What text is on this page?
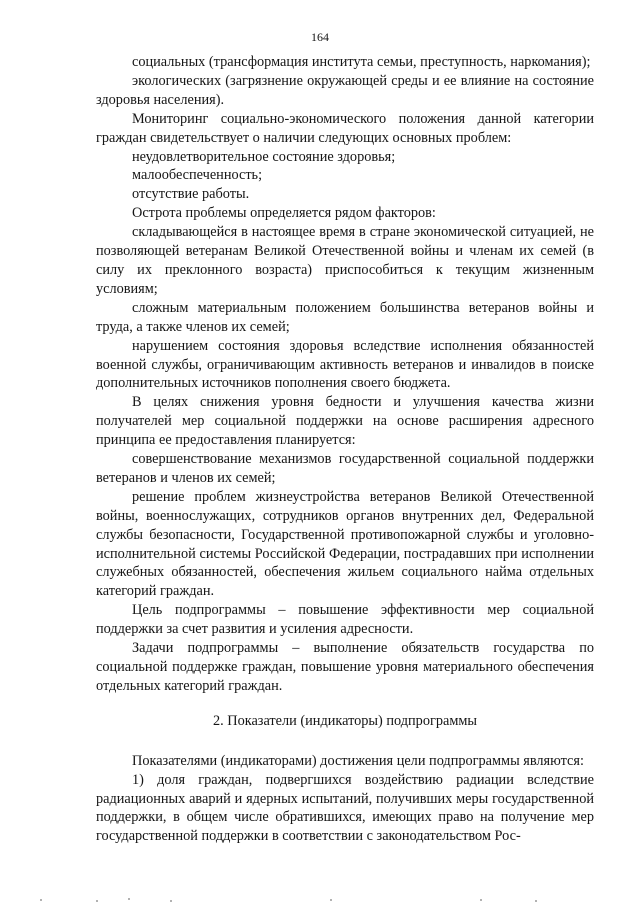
164

социальных (трансформация института семьи, преступность, наркомания);

экологических (загрязнение окружающей среды и ее влияние на состояние здоровья населения).

Мониторинг социально-экономического положения данной категории граждан свидетельствует о наличии следующих основных проблем:

неудовлетворительное состояние здоровья;

малообеспеченность;

отсутствие работы.

Острота проблемы определяется рядом факторов:

складывающейся в настоящее время в стране экономической ситуацией, не позволяющей ветеранам Великой Отечественной войны и членам их семей (в силу их преклонного возраста) приспособиться к текущим жизненным условиям;

сложным материальным положением большинства ветеранов войны и труда, а также членов их семей;

нарушением состояния здоровья вследствие исполнения обязанностей военной службы, ограничивающим активность ветеранов и инвалидов в поиске дополнительных источников пополнения своего бюджета.

В целях снижения уровня бедности и улучшения качества жизни получателей мер социальной поддержки на основе расширения адресного принципа ее предоставления планируется:

совершенствование механизмов государственной социальной поддержки ветеранов и членов их семей;

решение проблем жизнеустройства ветеранов Великой Отечественной войны, военнослужащих, сотрудников органов внутренних дел, Федеральной службы безопасности, Государственной противопожарной службы и уголовно-исполнительной системы Российской Федерации, пострадавших при исполнении служебных обязанностей, обеспечения жильем социального найма отдельных категорий граждан.

Цель подпрограммы – повышение эффективности мер социальной поддержки за счет развития и усиления адресности.

Задачи подпрограммы – выполнение обязательств государства по социальной поддержке граждан, повышение уровня материального обеспечения отдельных категорий граждан.

2. Показатели (индикаторы) подпрограммы

Показателями (индикаторами) достижения цели подпрограммы являются:

1) доля граждан, подвергшихся воздействию радиации вследствие радиационных аварий и ядерных испытаний, получивших меры государственной поддержки, в общем числе обратившихся, имеющих право на получение мер государственной поддержки в соответствии с законодательством Рос-
